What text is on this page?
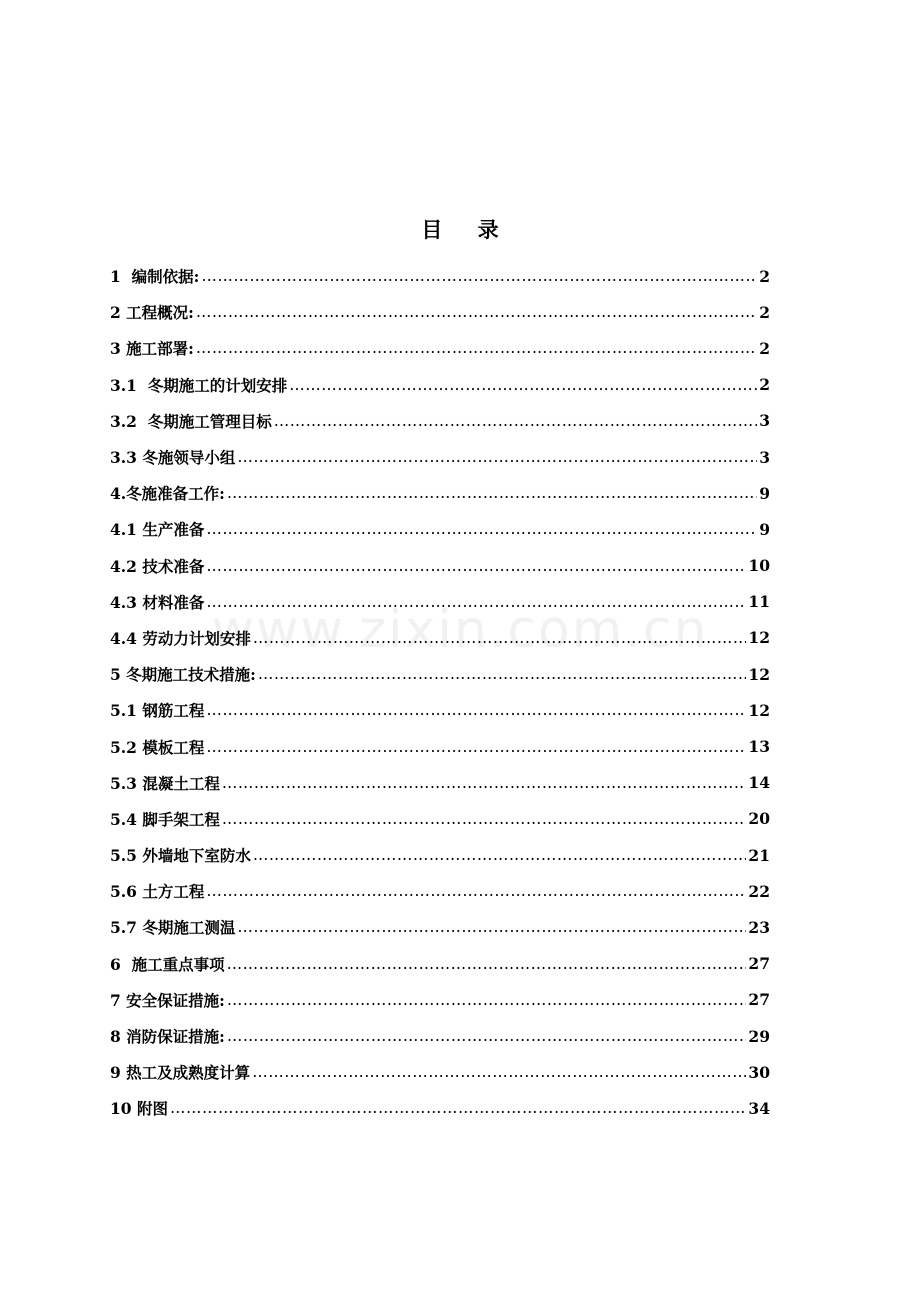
目 录
www.zixin.com.cn
1  编制依据: …………………………………………………………………………………………………………………………………………………………………………	2
2 工程概况: …………………………………………………………………………………………………………………………………………………………………………	2
3 施工部署: …………………………………………………………………………………………………………………………………………………………………………	2
3.1  冬期施工的计划安排 …………………………………………………………………………………………………………………………………………………………………………	2
3.2  冬期施工管理目标 …………………………………………………………………………………………………………………………………………………………………………	3
3.3 冬施领导小组 …………………………………………………………………………………………………………………………………………………………………………	3
4.冬施准备工作: …………………………………………………………………………………………………………………………………………………………………………	9
4.1 生产准备 …………………………………………………………………………………………………………………………………………………………………………	9
4.2 技术准备 …………………………………………………………………………………………………………………………………………………………………………	10
4.3 材料准备 …………………………………………………………………………………………………………………………………………………………………………	11
4.4 劳动力计划安排 …………………………………………………………………………………………………………………………………………………………………………	12
5 冬期施工技术措施: …………………………………………………………………………………………………………………………………………………………………………	12
5.1 钢筋工程 …………………………………………………………………………………………………………………………………………………………………………	12
5.2 模板工程 …………………………………………………………………………………………………………………………………………………………………………	13
5.3 混凝土工程 …………………………………………………………………………………………………………………………………………………………………………	14
5.4 脚手架工程 …………………………………………………………………………………………………………………………………………………………………………	20
5.5 外墙地下室防水 …………………………………………………………………………………………………………………………………………………………………………	21
5.6 土方工程 …………………………………………………………………………………………………………………………………………………………………………	22
5.7 冬期施工测温 …………………………………………………………………………………………………………………………………………………………………………	23
6  施工重点事项 …………………………………………………………………………………………………………………………………………………………………………	27
7 安全保证措施: …………………………………………………………………………………………………………………………………………………………………………	27
8 消防保证措施: …………………………………………………………………………………………………………………………………………………………………………	29
9 热工及成熟度计算 …………………………………………………………………………………………………………………………………………………………………………	30
10 附图 …………………………………………………………………………………………………………………………………………………………………………	34
